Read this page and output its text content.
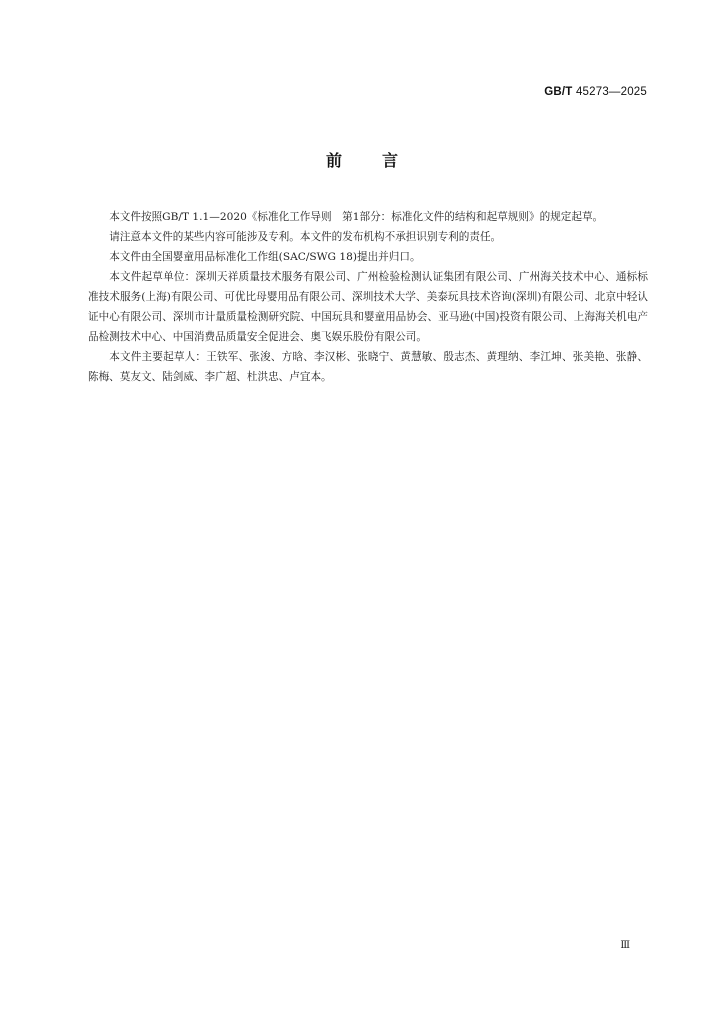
GB/T 45273—2025
前言

本文件按照GB/T 1.1—2020《标准化工作导则　第1部分：标准化文件的结构和起草规则》的规定起草。

请注意本文件的某些内容可能涉及专利。本文件的发布机构不承担识别专利的责任。

本文件由全国婴童用品标准化工作组(SAC/SWG 18)提出并归口。

本文件起草单位：深圳天祥质量技术服务有限公司、广州检验检测认证集团有限公司、广州海关技术中心、通标标准技术服务(上海)有限公司、可优比母婴用品有限公司、深圳技术大学、美泰玩具技术咨询(深圳)有限公司、北京中轻认证中心有限公司、深圳市计量质量检测研究院、中国玩具和婴童用品协会、亚马逊(中国)投资有限公司、上海海关机电产品检测技术中心、中国消费品质量安全促进会、奥飞娱乐股份有限公司。

本文件主要起草人：王铁军、张浚、方晗、李汉彬、张晓宁、黄慧敏、殷志杰、黄理纳、李江坤、张美艳、张静、陈梅、莫友文、陆剑威、李广超、杜洪忠、卢宜本。

Ⅲ
